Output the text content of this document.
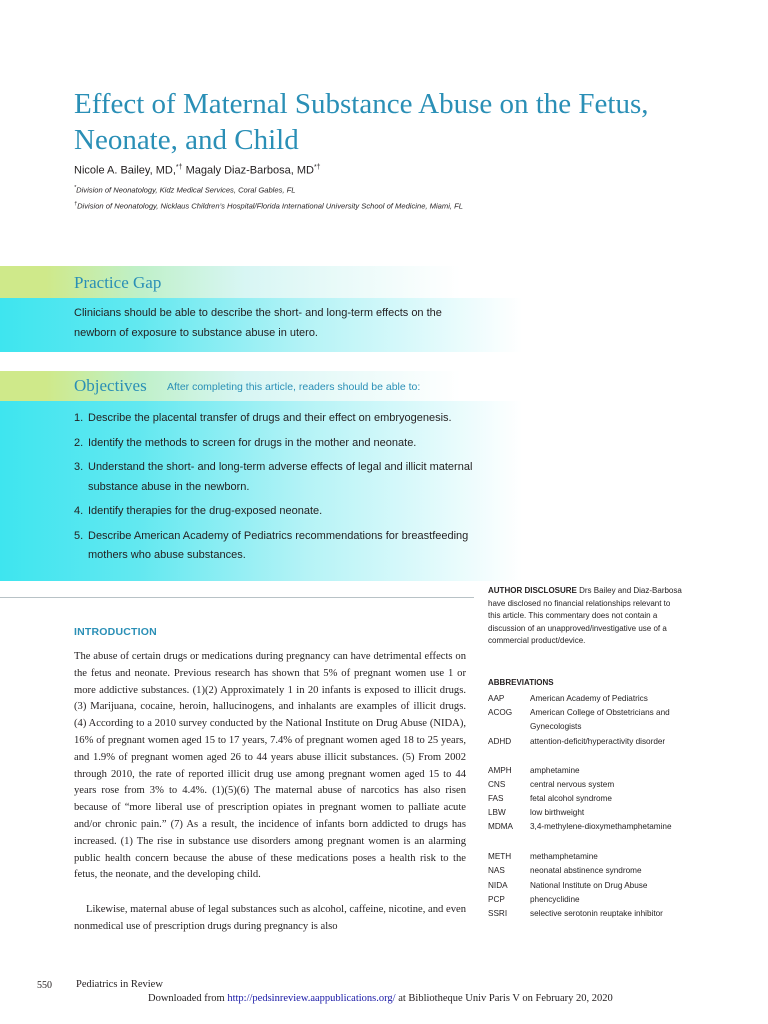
Effect of Maternal Substance Abuse on the Fetus, Neonate, and Child
Nicole A. Bailey, MD,*† Magaly Diaz-Barbosa, MD*†
*Division of Neonatology, Kidz Medical Services, Coral Gables, FL
†Division of Neonatology, Nicklaus Children’s Hospital/Florida International University School of Medicine, Miami, FL
Practice Gap

Clinicians should be able to describe the short- and long-term effects on the newborn of exposure to substance abuse in utero.

Objectives After completing this article, readers should be able to:
1. Describe the placental transfer of drugs and their effect on embryogenesis.
2. Identify the methods to screen for drugs in the mother and neonate.
3. Understand the short- and long-term adverse effects of legal and illicit maternal substance abuse in the newborn.
4. Identify therapies for the drug-exposed neonate.
5. Describe American Academy of Pediatrics recommendations for breastfeeding mothers who abuse substances.
INTRODUCTION

The abuse of certain drugs or medications during pregnancy can have detrimental effects on the fetus and neonate. Previous research has shown that 5% of pregnant women use 1 or more addictive substances. (1)(2) Approximately 1 in 20 infants is exposed to illicit drugs. (3) Marijuana, cocaine, heroin, hallucinogens, and inhalants are examples of illicit drugs. (4) According to a 2010 survey conducted by the National Institute on Drug Abuse (NIDA), 16% of pregnant women aged 15 to 17 years, 7.4% of pregnant women aged 18 to 25 years, and 1.9% of pregnant women aged 26 to 44 years abuse illicit substances. (5) From 2002 through 2010, the rate of reported illicit drug use among pregnant women aged 15 to 44 years rose from 3% to 4.4%. (1)(5)(6) The maternal abuse of narcotics has also risen because of “more liberal use of prescription opiates in pregnant women to palliate acute and/or chronic pain.” (7) As a result, the incidence of infants born addicted to drugs has increased. (1) The rise in substance use disorders among pregnant women is an alarming public health concern because the abuse of these medications poses a health risk to the fetus, the neonate, and the developing child.

Likewise, maternal abuse of legal substances such as alcohol, caffeine, nicotine, and even nonmedical use of prescription drugs during pregnancy is also

AUTHOR DISCLOSURE Drs Bailey and Diaz-Barbosa have disclosed no financial relationships relevant to this article. This commentary does not contain a discussion of an unapproved/investigative use of a commercial product/device.

ABBREVIATIONS
AAP	American Academy of Pediatrics
ACOG American College of Obstetricians and Gynecologists
ADHD attention-deficit/hyperactivity disorder
AMPH amphetamine
CNS	central nervous system
FAS	fetal alcohol syndrome
LBW	low birthweight
MDMA 3,4-methylene-dioxymethamphetamine
METH methamphetamine
NAS	neonatal abstinence syndrome
NIDA	National Institute on Drug Abuse
PCP	phencyclidine
SSRI	selective serotonin reuptake inhibitor
550 Pediatrics in Review
Downloaded from http://pedsinreview.aappublications.org/ at Bibliotheque Univ Paris V on February 20, 2020
